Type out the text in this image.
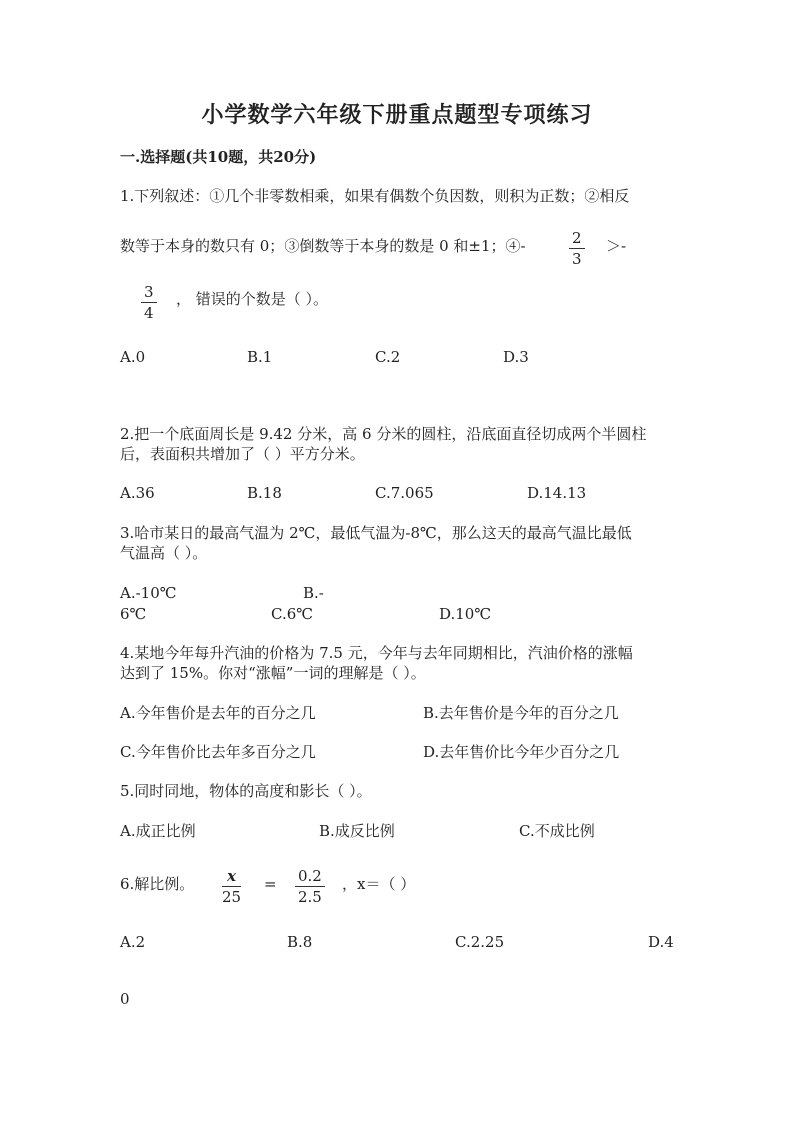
小学数学六年级下册重点题型专项练习
一.选择题(共10题，共20分)
1.下列叙述：①几个非零数相乘，如果有偶数个负因数，则积为正数；②相反
数等于本身的数只有 0；③倒数等于本身的数是 0 和±1；④-	$\frac{2}{3}$ ＞-
$\frac{3}{4}$ ， 错误的个数是（ ）。
A.0	B.1	C.2	D.3
2.把一个底面周长是 9.42 分米，高 6 分米的圆柱，沿底面直径切成两个半圆柱
后，表面积共增加了（ ）平方分米。
A.36	B.18	C.7.065	D.14.13
3.哈市某日的最高气温为 2℃，最低气温为-8℃，那么这天的最高气温比最低
气温高（ ）。
A.-10℃	B.-
6℃	C.6℃	D.10℃
4.某地今年每升汽油的价格为 7.5 元，今年与去年同期相比，汽油价格的涨幅
达到了 15%。你对“涨幅”一词的理解是（ ）。
A.今年售价是去年的百分之几	B.去年售价是今年的百分之几
C.今年售价比去年多百分之几	D.去年售价比今年少百分之几
5.同时同地，物体的高度和影长（ ）。
A.成正比例	B.成反比例	C.不成比例
6.解比例。 $\frac{x}{25} = \frac{0.2}{2.5}$ ，x＝（ ）
A.2	B.8	C.2.25	D.4
0
